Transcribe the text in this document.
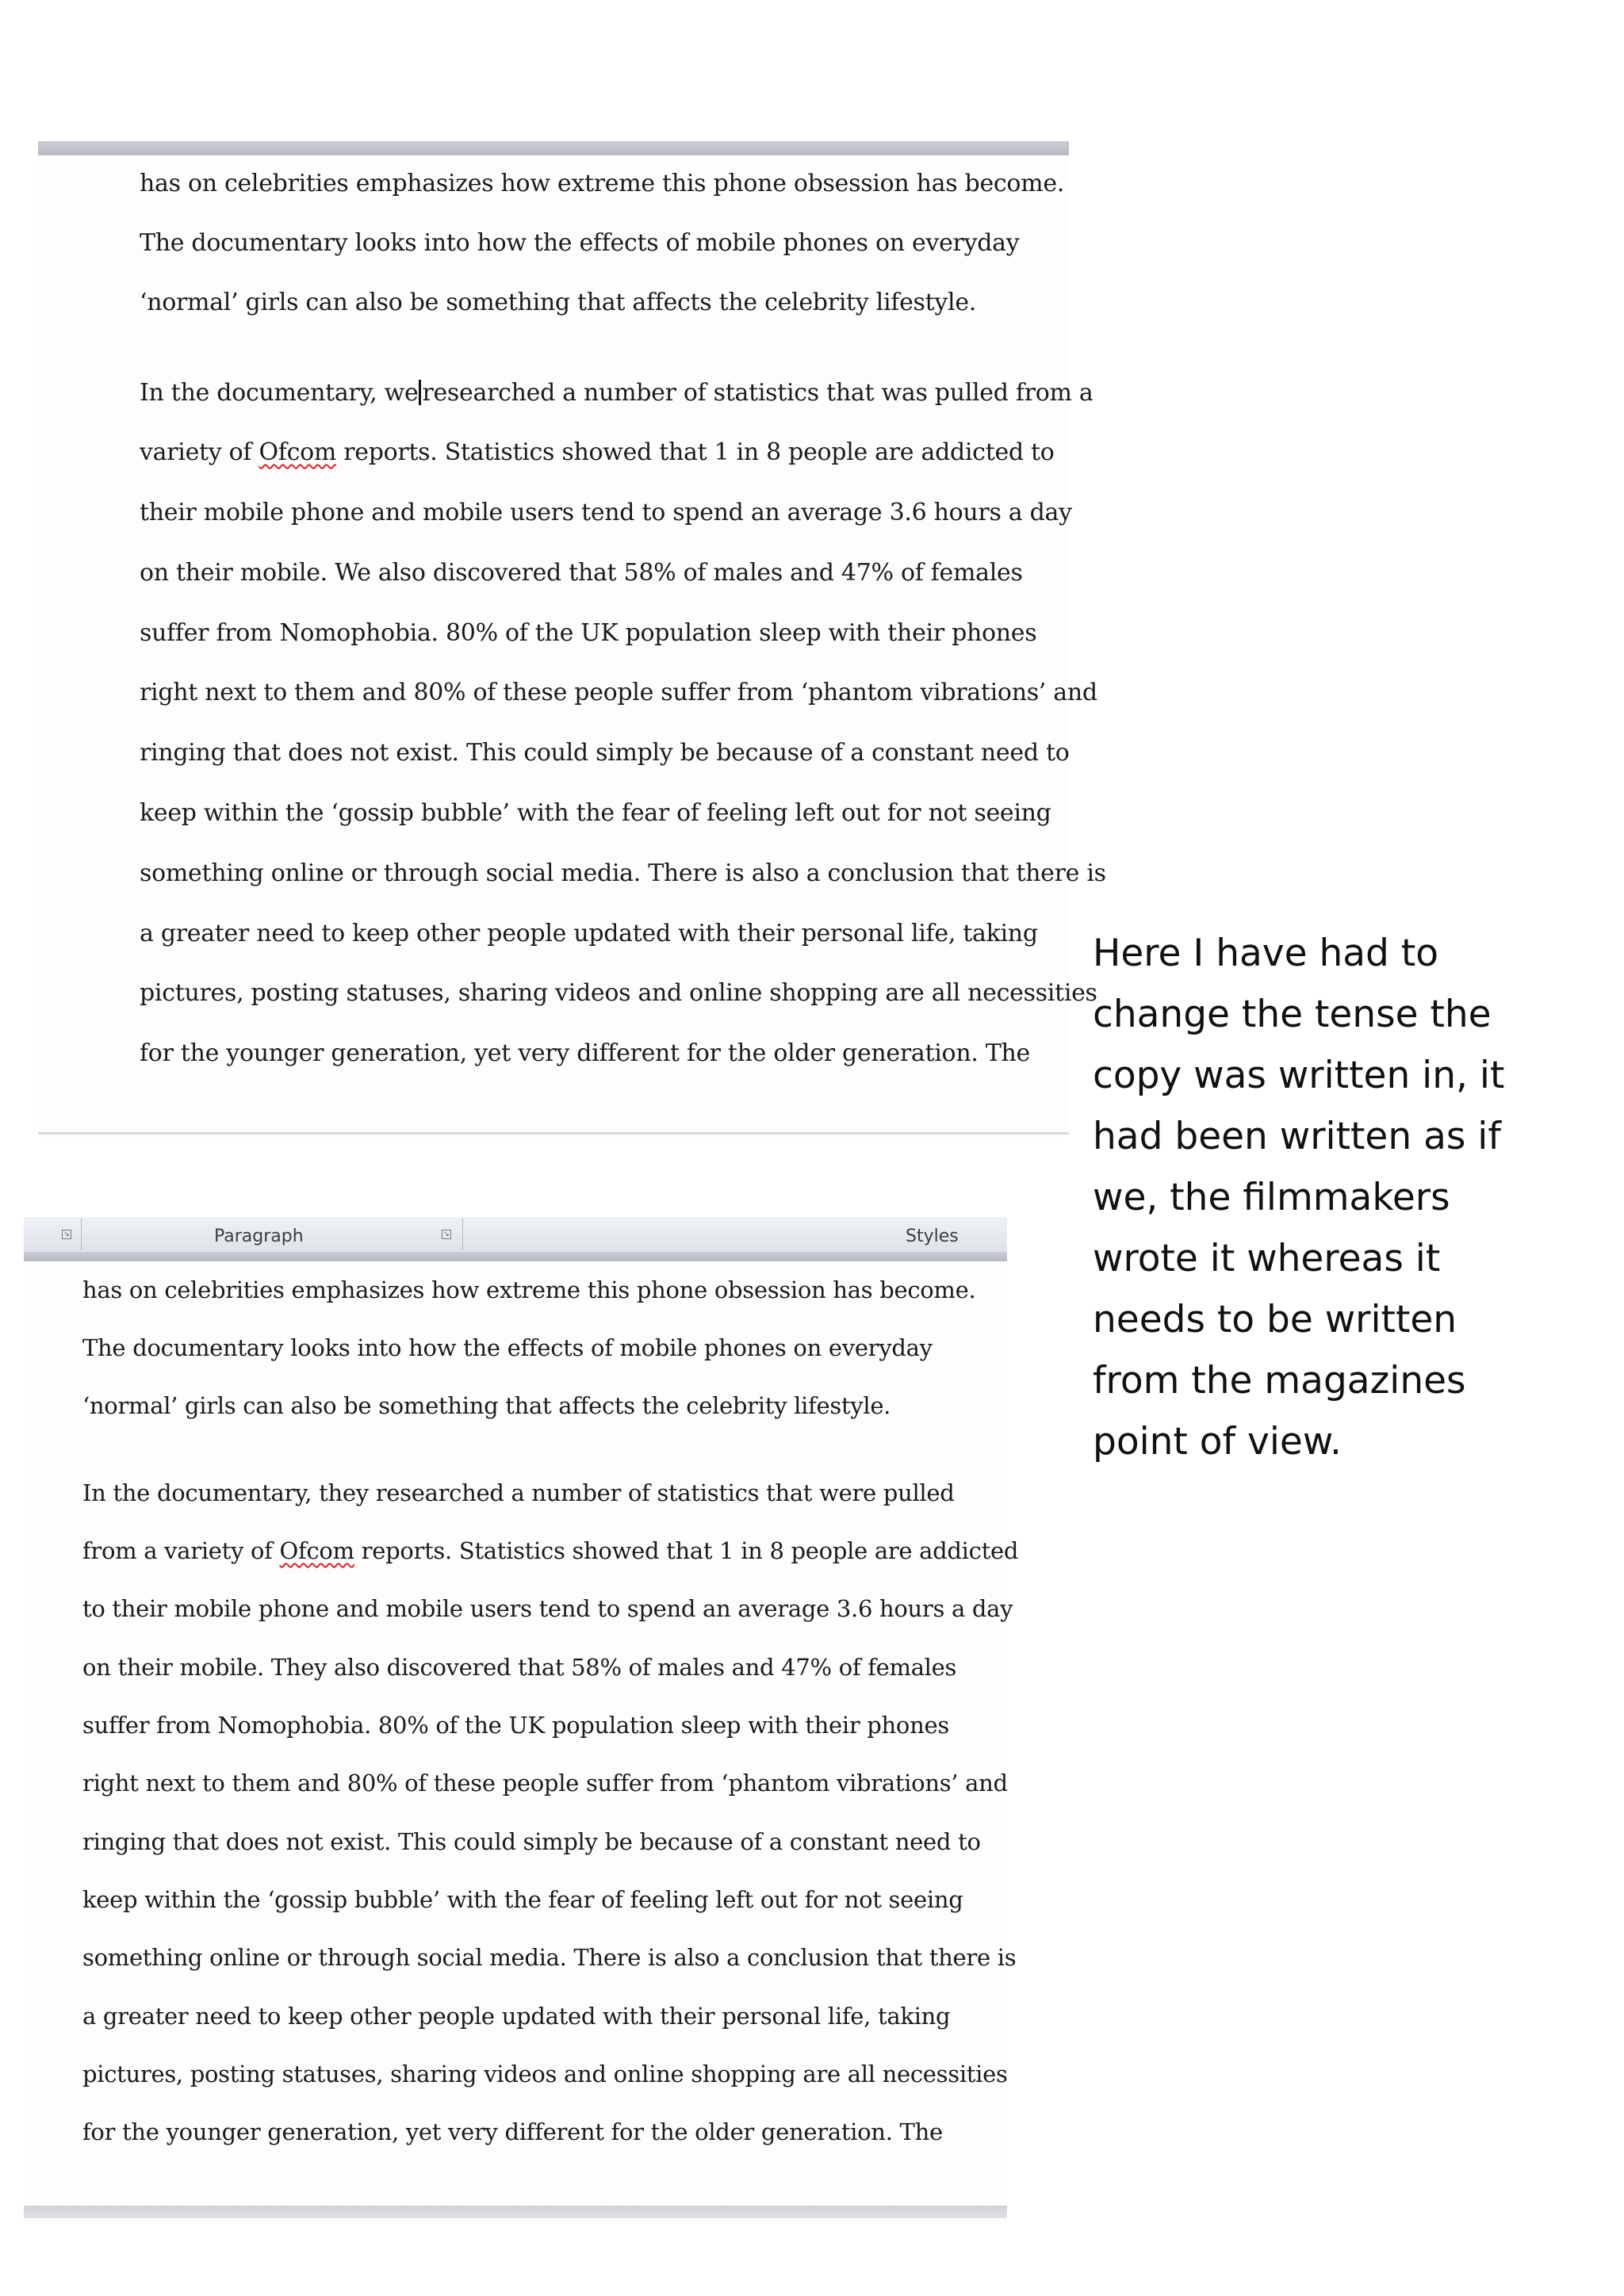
has on celebrities emphasizes how extreme this phone obsession has become.
The documentary looks into how the effects of mobile phones on everyday
‘normal’ girls can also be something that affects the celebrity lifestyle.
In the documentary, we researched a number of statistics that was pulled from a
variety of Ofcom reports. Statistics showed that 1 in 8 people are addicted to
their mobile phone and mobile users tend to spend an average 3.6 hours a day
on their mobile. We also discovered that 58% of males and 47% of females
suffer from Nomophobia. 80% of the UK population sleep with their phones
right next to them and 80% of these people suffer from ‘phantom vibrations’ and
ringing that does not exist. This could simply be because of a constant need to
keep within the ‘gossip bubble’ with the fear of feeling left out for not seeing
something online or through social media. There is also a conclusion that there is
a greater need to keep other people updated with their personal life, taking
pictures, posting statuses, sharing videos and online shopping are all necessities
for the younger generation, yet very different for the older generation. The
↘	Paragraph	↘	Styles
has on celebrities emphasizes how extreme this phone obsession has become.
The documentary looks into how the effects of mobile phones on everyday
‘normal’ girls can also be something that affects the celebrity lifestyle.
In the documentary, they researched a number of statistics that were pulled
from a variety of Ofcom reports. Statistics showed that 1 in 8 people are addicted
to their mobile phone and mobile users tend to spend an average 3.6 hours a day
on their mobile. They also discovered that 58% of males and 47% of females
suffer from Nomophobia. 80% of the UK population sleep with their phones
right next to them and 80% of these people suffer from ‘phantom vibrations’ and
ringing that does not exist. This could simply be because of a constant need to
keep within the ‘gossip bubble’ with the fear of feeling left out for not seeing
something online or through social media. There is also a conclusion that there is
a greater need to keep other people updated with their personal life, taking
pictures, posting statuses, sharing videos and online shopping are all necessities
for the younger generation, yet very different for the older generation. The
Here I have had to change the tense the copy was written in, it had been written as if we, the filmmakers wrote it whereas it needs to be written from the magazines point of view.
